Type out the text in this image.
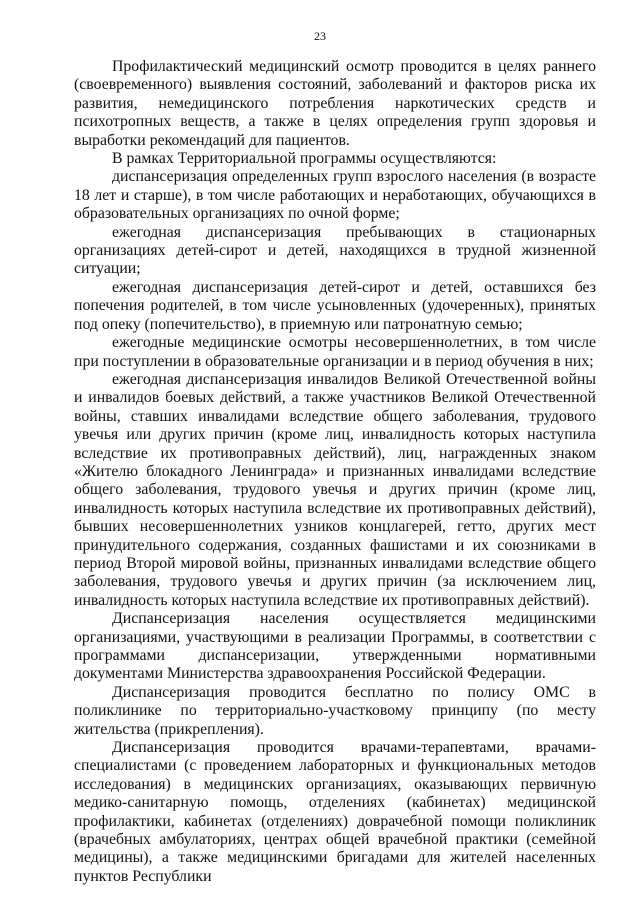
23

Профилактический медицинский осмотр проводится в целях раннего (своевременного) выявления состояний, заболеваний и факторов риска их развития, немедицинского потребления наркотических средств и психотропных веществ, а также в целях определения групп здоровья и выработки рекомендаций для пациентов.

В рамках Территориальной программы осуществляются:

диспансеризация определенных групп взрослого населения (в возрасте 18 лет и старше), в том числе работающих и неработающих, обучающихся в образовательных организациях по очной форме;

ежегодная диспансеризация пребывающих в стационарных организациях детей-сирот и детей, находящихся в трудной жизненной ситуации;

ежегодная диспансеризация детей-сирот и детей, оставшихся без попечения родителей, в том числе усыновленных (удочеренных), принятых под опеку (попечительство), в приемную или патронатную семью;

ежегодные медицинские осмотры несовершеннолетних, в том числе при поступлении в образовательные организации и в период обучения в них;

ежегодная диспансеризация инвалидов Великой Отечественной войны и инвалидов боевых действий, а также участников Великой Отечественной войны, ставших инвалидами вследствие общего заболевания, трудового увечья или других причин (кроме лиц, инвалидность которых наступила вследствие их противоправных действий), лиц, награжденных знаком «Жителю блокадного Ленинграда» и признанных инвалидами вследствие общего заболевания, трудового увечья и других причин (кроме лиц, инвалидность которых наступила вследствие их противоправных действий), бывших несовершеннолетних узников концлагерей, гетто, других мест принудительного содержания, созданных фашистами и их союзниками в период Второй мировой войны, признанных инвалидами вследствие общего заболевания, трудового увечья и других причин (за исключением лиц, инвалидность которых наступила вследствие их противоправных действий).

Диспансеризация населения осуществляется медицинскими организациями, участвующими в реализации Программы, в соответствии с программами диспансеризации, утвержденными нормативными документами Министерства здравоохранения Российской Федерации.

Диспансеризация проводится бесплатно по полису ОМС в поликлинике по территориально-участковому принципу (по месту жительства (прикрепления).

Диспансеризация проводится врачами-терапевтами, врачами-специалистами (с проведением лабораторных и функциональных методов исследования) в медицинских организациях, оказывающих первичную медико-санитарную помощь, отделениях (кабинетах) медицинской профилактики, кабинетах (отделениях) доврачебной помощи поликлиник (врачебных амбулаториях, центрах общей врачебной практики (семейной медицины), а также медицинскими бригадами для жителей населенных пунктов Республики
